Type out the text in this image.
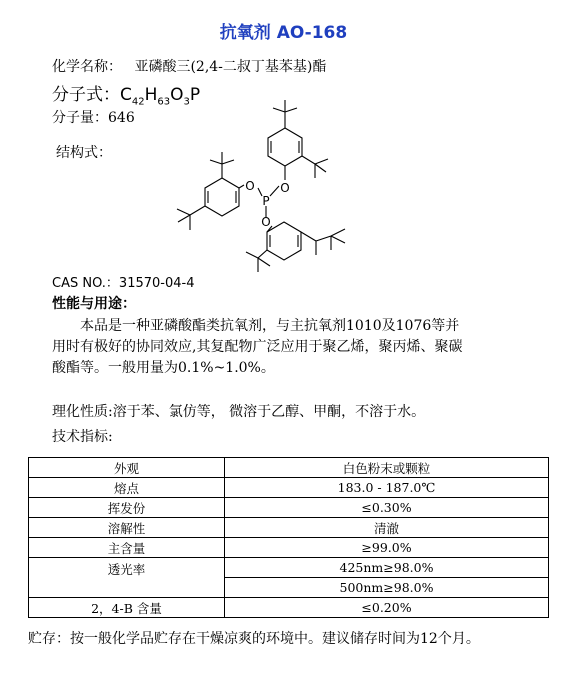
抗氧剂 AO-168
化学名称： 亚磷酸三(2,4-二叔丁基苯基)酯
分子式：$C_{42}H_{63}O_3P$
分子量：646
结构式：
O
O
P
O
CAS NO.：31570-04-4
性能与用途：
本品是一种亚磷酸酯类抗氧剂，与主抗氧剂1010及1076等并
用时有极好的协同效应,其复配物广泛应用于聚乙烯，聚丙烯、聚碳
酸酯等。一般用量为0.1%~1.0%。
理化性质:溶于苯、氯仿等， 微溶于乙醇、甲酮，不溶于水。
技术指标:
外观	白色粉末或颗粒
熔点	183.0 - 187.0℃
挥发份	≤0.30%
溶解性	清澈
主含量	≥99.0%
透光率	425nm≥98.0%
	500nm≥98.0%
2，4-B 含量	≤0.20%
贮存：按一般化学品贮存在干燥凉爽的环境中。建议储存时间为12个月。
